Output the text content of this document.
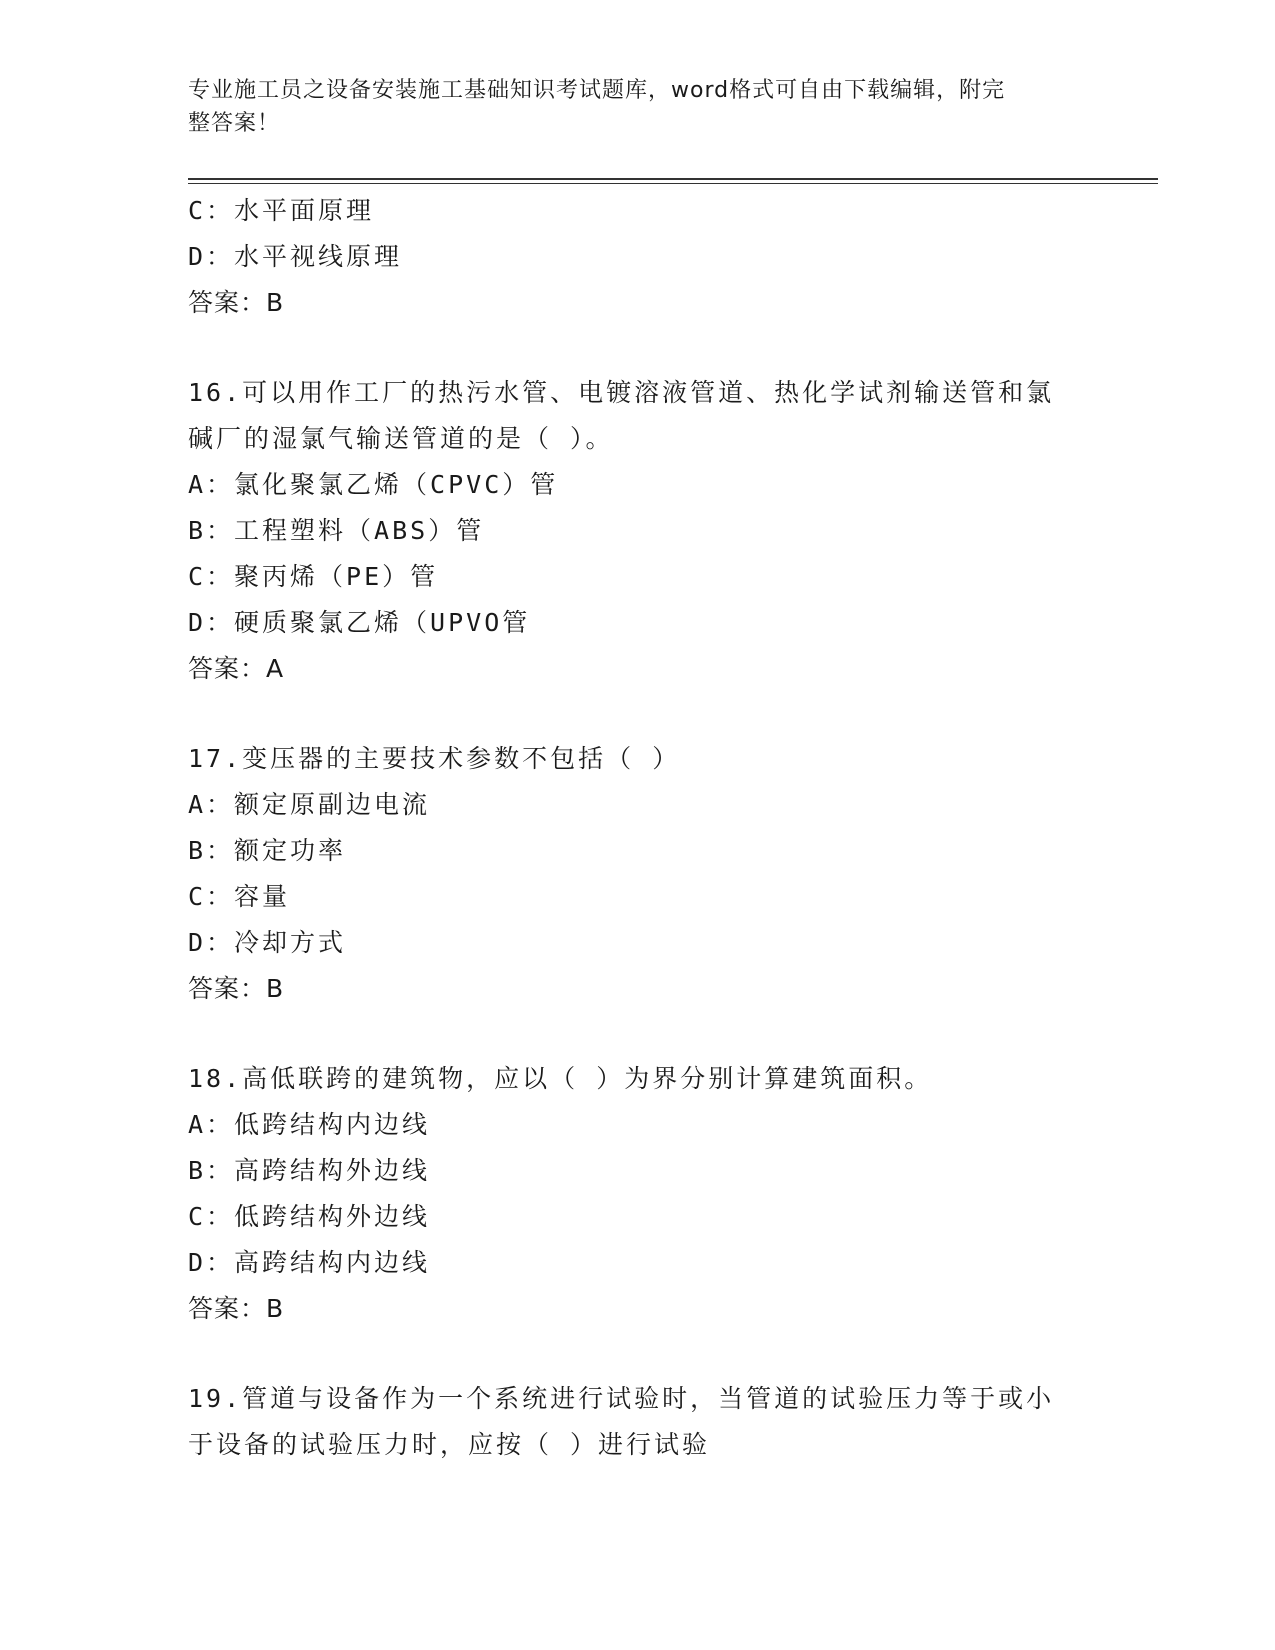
专业施工员之设备安装施工基础知识考试题库，word格式可自由下载编辑，附完
整答案！
C：水平面原理
D：水平视线原理
答案：B
16.可以用作工厂的热污水管、电镀溶液管道、热化学试剂输送管和氯
碱厂的湿氯气输送管道的是（ ）。
A：氯化聚氯乙烯（CPVC）管
B：工程塑料（ABS）管
C：聚丙烯（PE）管
D：硬质聚氯乙烯（UPVO管
答案：A
17.变压器的主要技术参数不包括（ ）
A：额定原副边电流
B：额定功率
C：容量
D：冷却方式
答案：B
18.高低联跨的建筑物，应以（ ）为界分别计算建筑面积。
A：低跨结构内边线
B：高跨结构外边线
C：低跨结构外边线
D：高跨结构内边线
答案：B
19.管道与设备作为一个系统进行试验时，当管道的试验压力等于或小
于设备的试验压力时，应按（ ）进行试验
